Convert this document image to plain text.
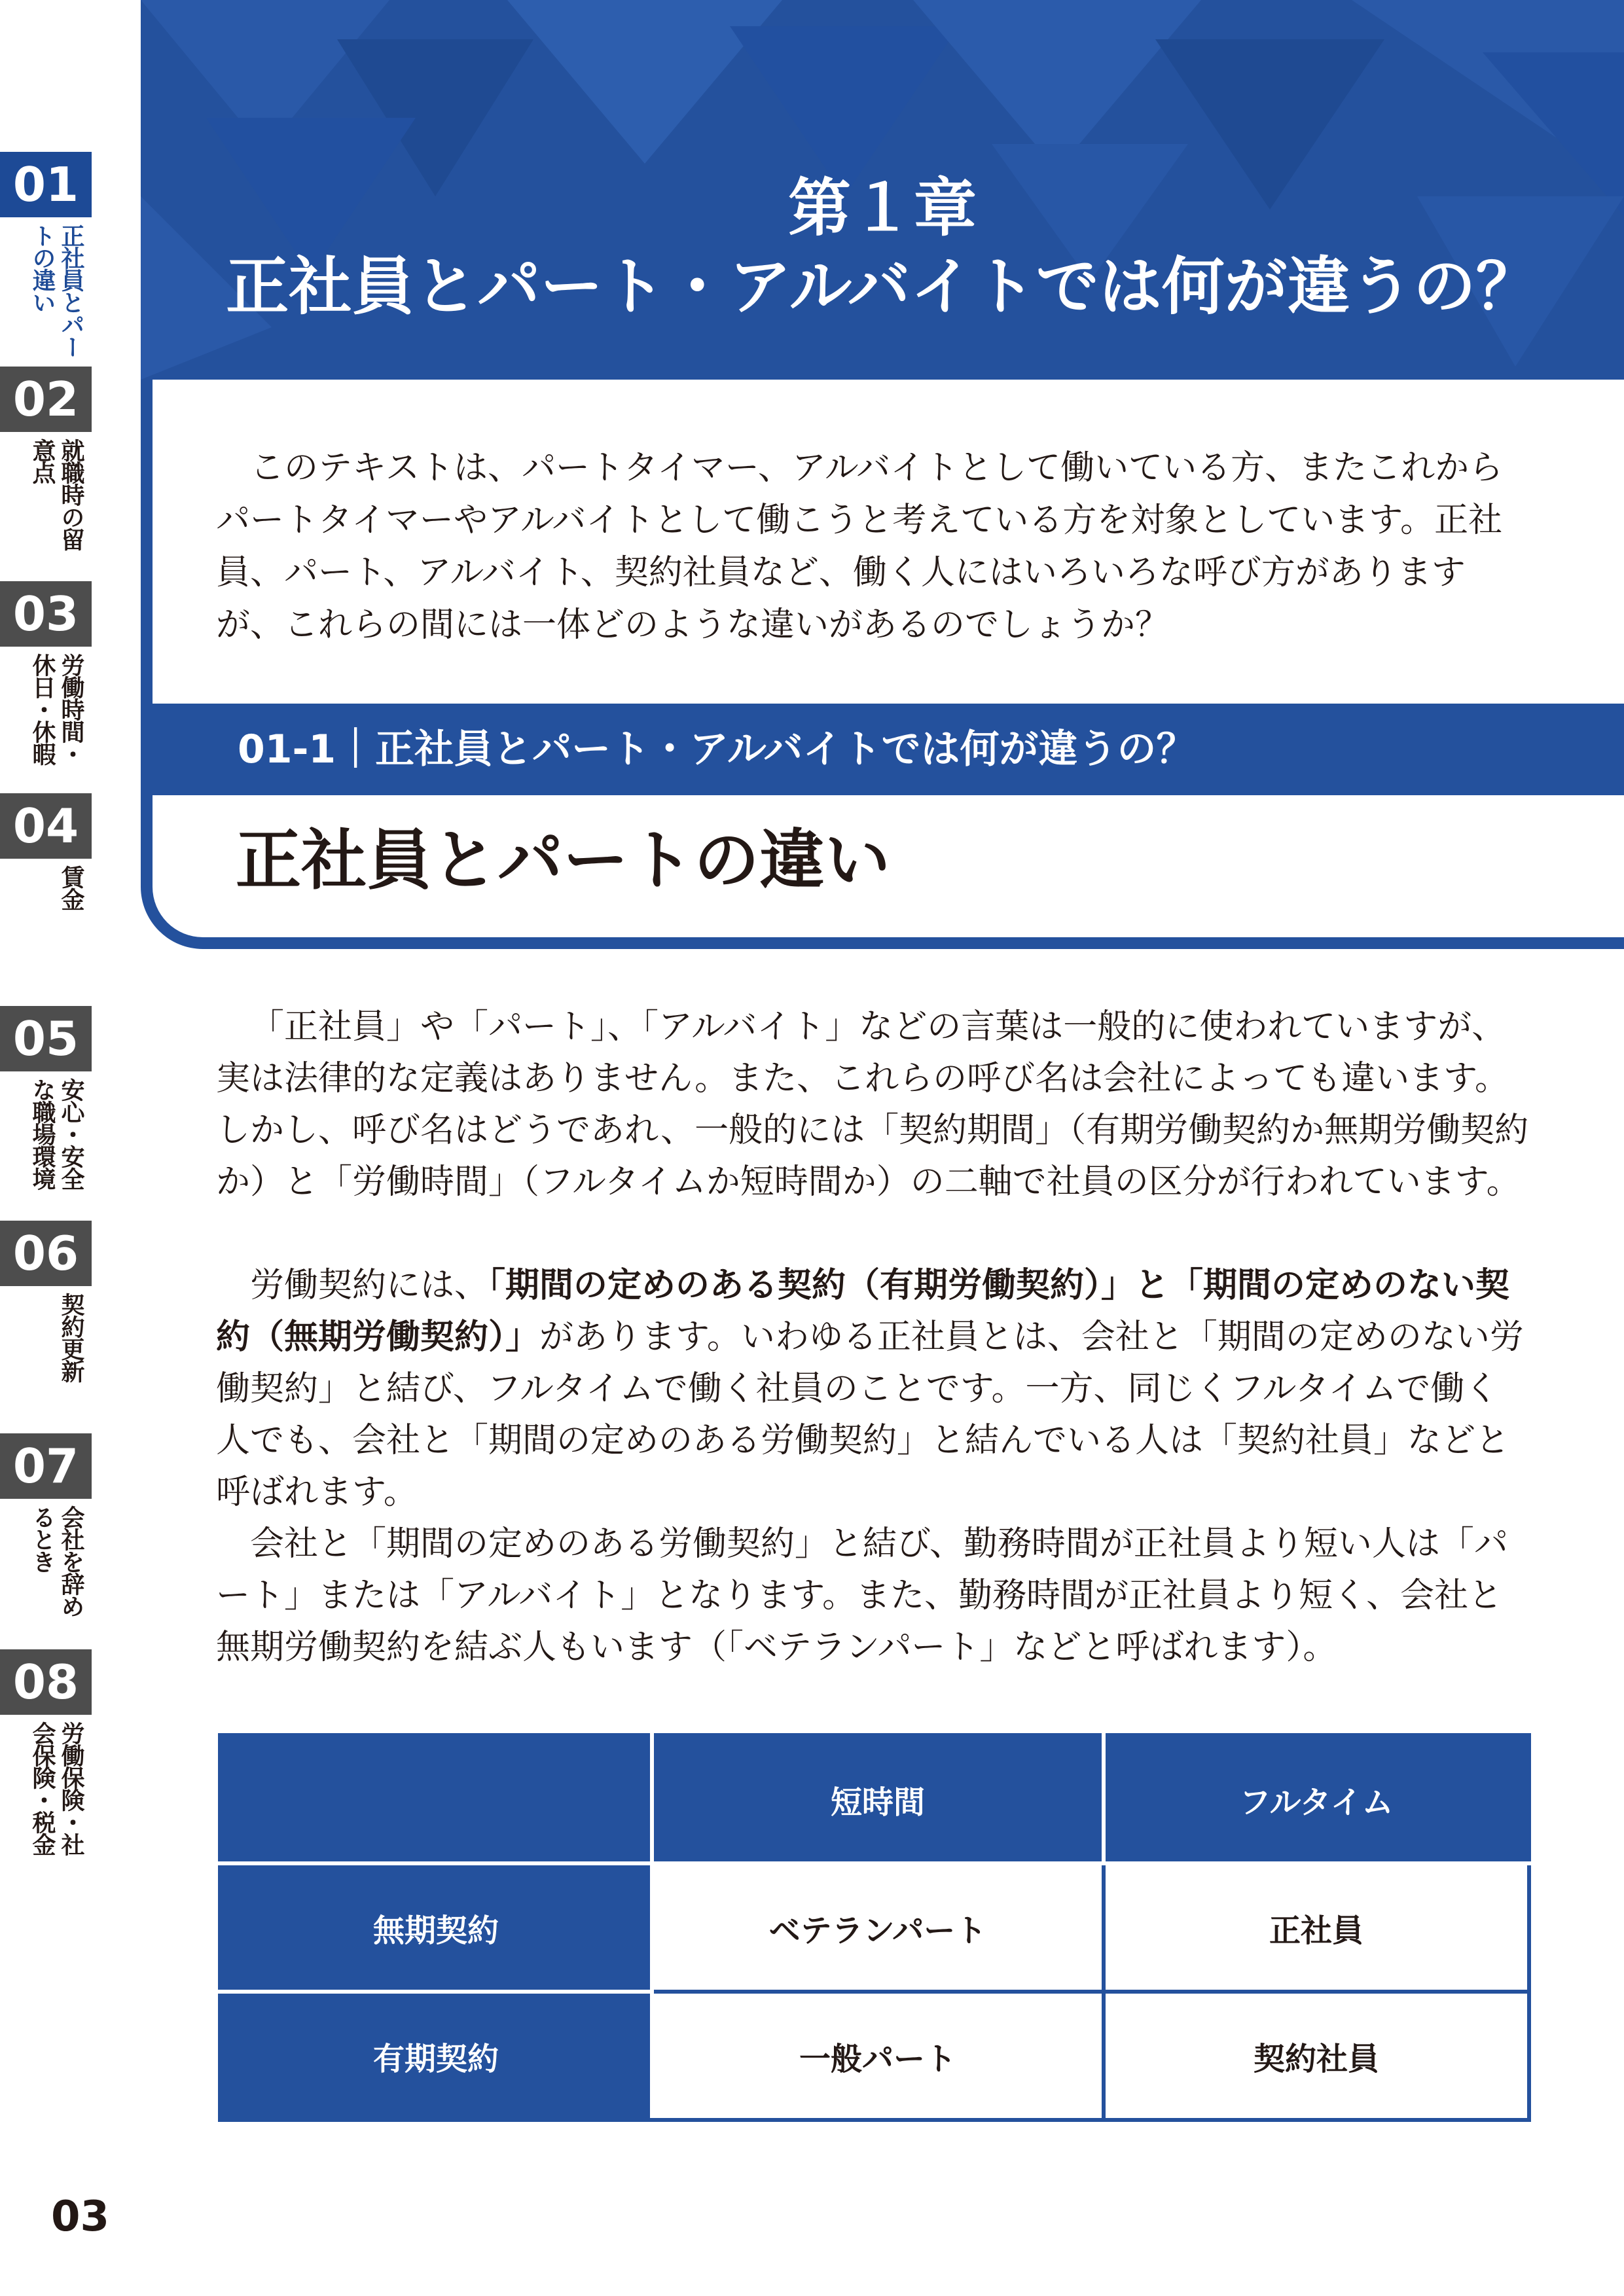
01
正社員とパートの違い
02
就職時の留意点
03
労働時間・休日・休暇
04
賃金
05
安心・安全な職場環境
06
契約更新
07
会社を辞めるとき
08
労働保険・社会保険・税金
第１章
正社員とパート・アルバイトでは何が違うの？

このテキストは、パートタイマー、アルバイトとして働いている方、またこれからパートタイマーやアルバイトとして働こうと考えている方を対象としています。正社員、パート、アルバイト、契約社員など、働く人にはいろいろな呼び方がありますが、これらの間には一体どのような違いがあるのでしょうか？

01-1｜正社員とパート・アルバイトでは何が違うの？
正社員とパートの違い

「正社員」や「パート」、「アルバイト」などの言葉は一般的に使われていますが、実は法律的な定義はありません。また、これらの呼び名は会社によっても違います。しかし、呼び名はどうであれ、一般的には「契約期間」（有期労働契約か無期労働契約か）と「労働時間」（フルタイムか短時間か）の二軸で社員の区分が行われています。

労働契約には、「期間の定めのある契約（有期労働契約）」と「期間の定めのない契約（無期労働契約）」があります。いわゆる正社員とは、会社と「期間の定めのない労働契約」と結び、フルタイムで働く社員のことです。一方、同じくフルタイムで働く人でも、会社と「期間の定めのある労働契約」と結んでいる人は「契約社員」などと呼ばれます。

会社と「期間の定めのある労働契約」と結び、勤務時間が正社員より短い人は「パート」または「アルバイト」となります。また、勤務時間が正社員より短く、会社と無期労働契約を結ぶ人もいます（「ベテランパート」などと呼ばれます）。

	短時間	フルタイム
無期契約	ベテランパート	正社員
有期契約	一般パート	契約社員
03
